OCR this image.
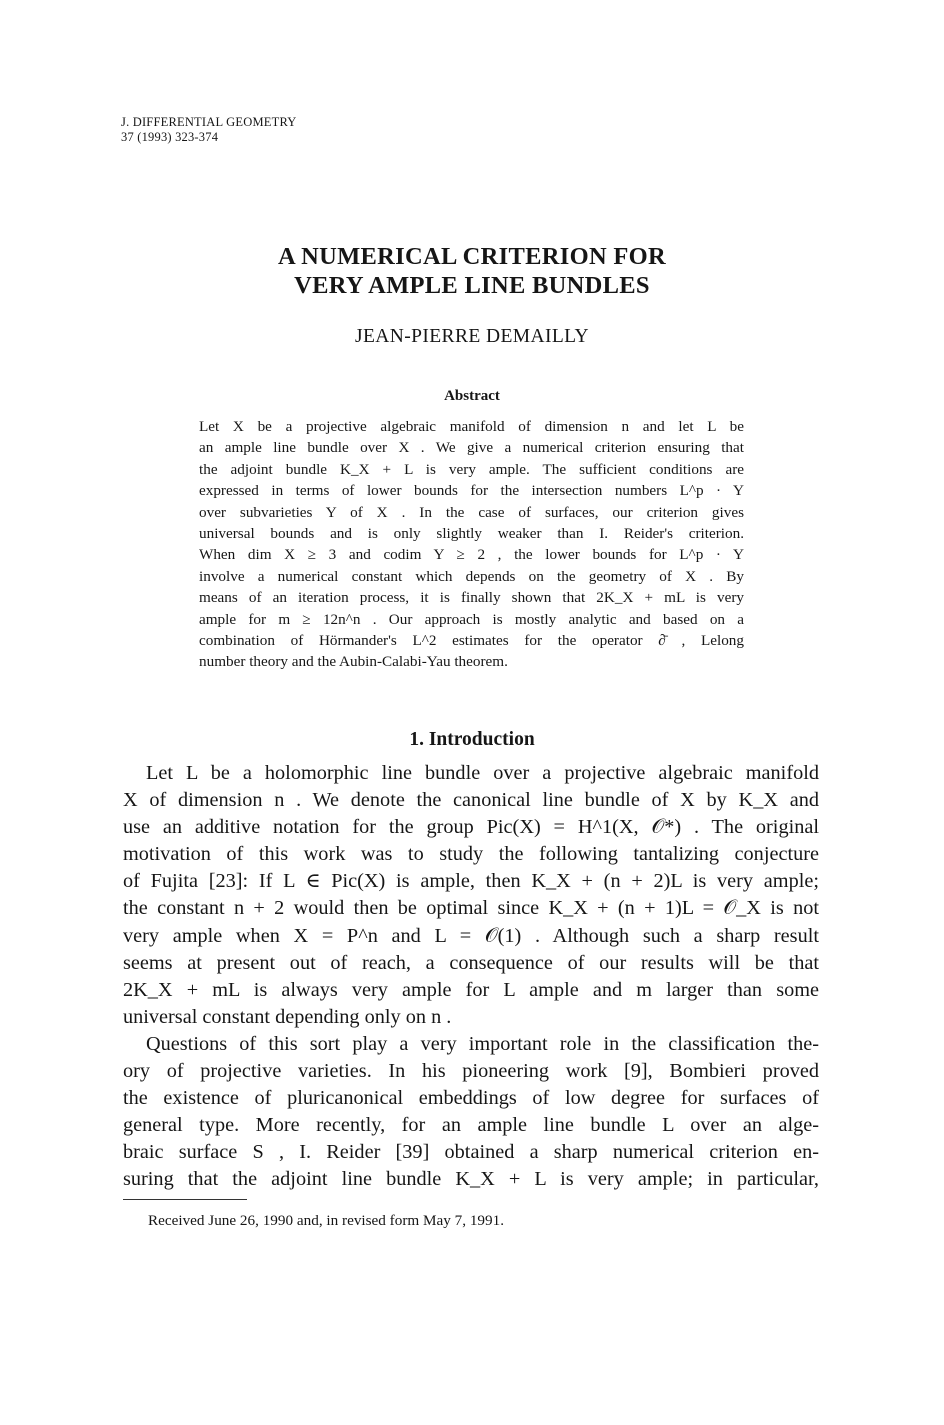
J. DIFFERENTIAL GEOMETRY
37 (1993) 323-374
A NUMERICAL CRITERION FOR
VERY AMPLE LINE BUNDLES
JEAN-PIERRE DEMAILLY
Abstract
Let X be a projective algebraic manifold of dimension n and let L be
an ample line bundle over X . We give a numerical criterion ensuring that
the adjoint bundle K_X + L is very ample. The sufficient conditions are
expressed in terms of lower bounds for the intersection numbers L^p · Y
over subvarieties Y of X . In the case of surfaces, our criterion gives
universal bounds and is only slightly weaker than I. Reider's criterion.
When dim X ≥ 3 and codim Y ≥ 2 , the lower bounds for L^p · Y
involve a numerical constant which depends on the geometry of X . By
means of an iteration process, it is finally shown that 2K_X + mL is very
ample for m ≥ 12n^n . Our approach is mostly analytic and based on a
combination of Hörmander's L^2 estimates for the operator ∂̄ , Lelong
number theory and the Aubin-Calabi-Yau theorem.
1. Introduction
Let L be a holomorphic line bundle over a projective algebraic manifold
X of dimension n . We denote the canonical line bundle of X by K_X and
use an additive notation for the group Pic(X) = H^1(X, 𝒪*) . The original
motivation of this work was to study the following tantalizing conjecture
of Fujita [23]: If L ∈ Pic(X) is ample, then K_X + (n + 2)L is very ample;
the constant n + 2 would then be optimal since K_X + (n + 1)L = 𝒪_X is not
very ample when X = P^n and L = 𝒪(1) . Although such a sharp result
seems at present out of reach, a consequence of our results will be that
2K_X + mL is always very ample for L ample and m larger than some
universal constant depending only on n .
Questions of this sort play a very important role in the classification the-
ory of projective varieties. In his pioneering work [9], Bombieri proved
the existence of pluricanonical embeddings of low degree for surfaces of
general type. More recently, for an ample line bundle L over an alge-
braic surface S , I. Reider [39] obtained a sharp numerical criterion en-
suring that the adjoint line bundle K_X + L is very ample; in particular,
Received June 26, 1990 and, in revised form May 7, 1991.
